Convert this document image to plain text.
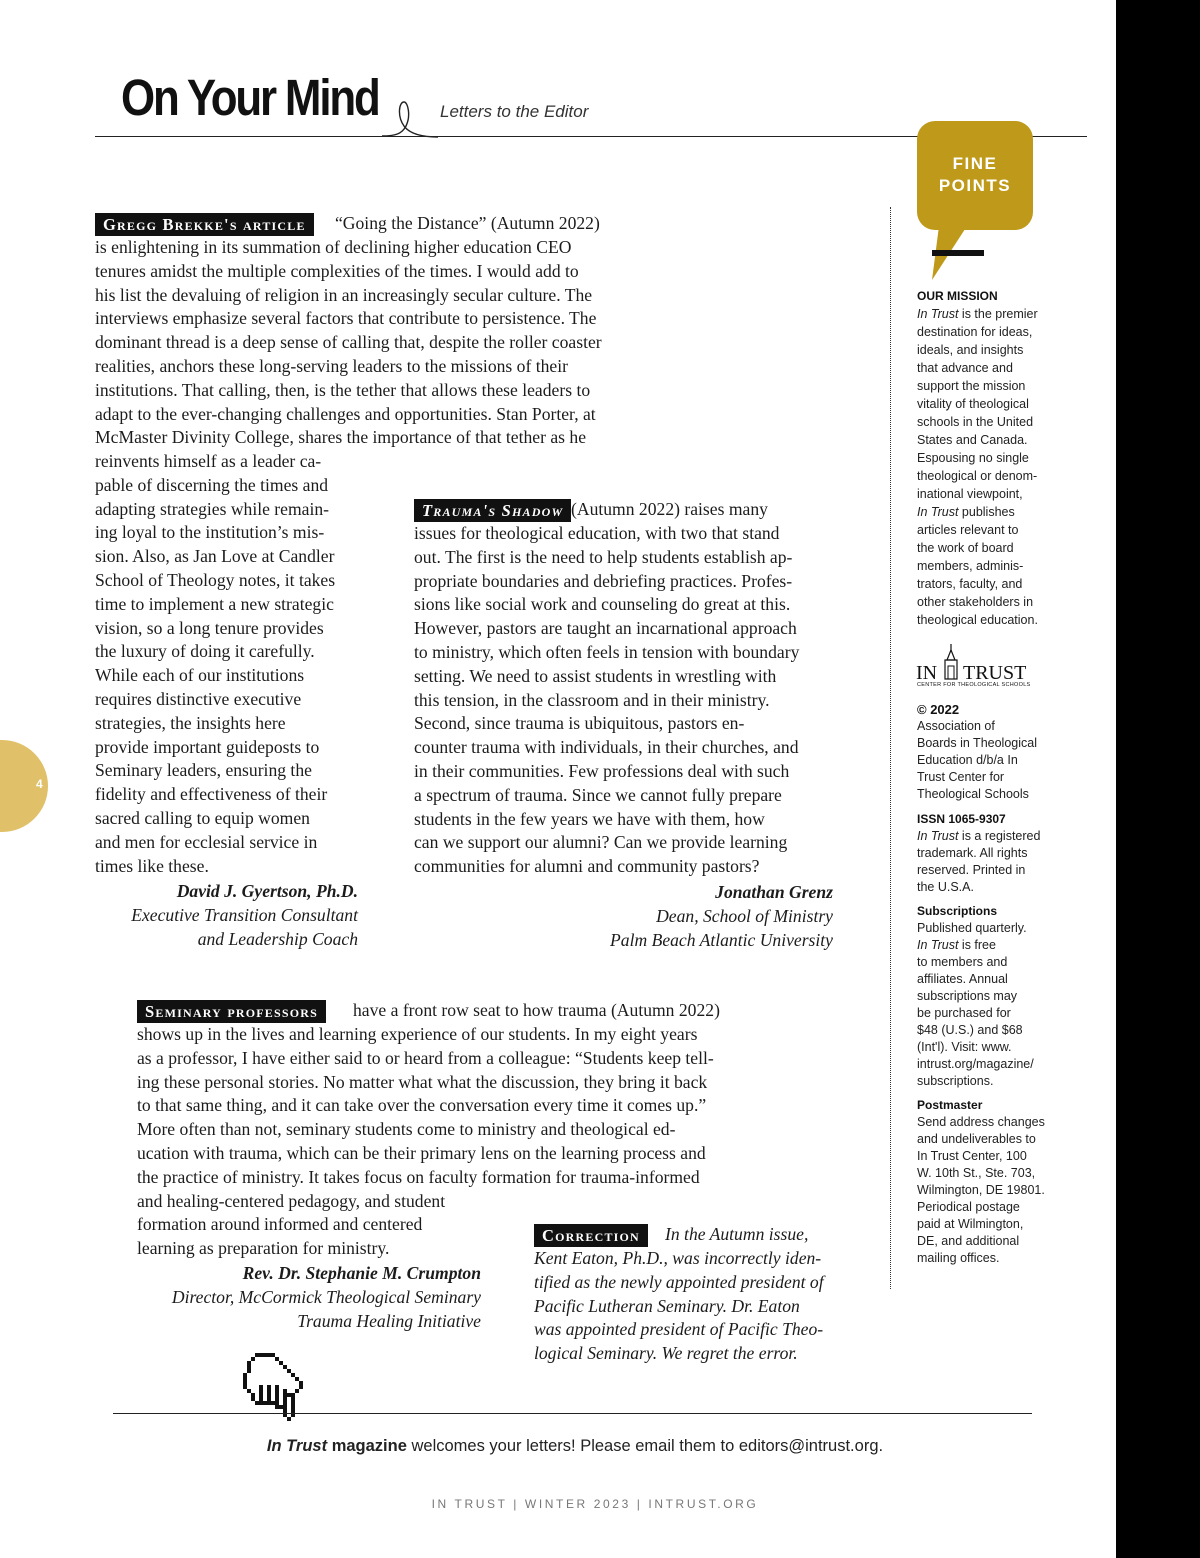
On Your Mind	Letters to the Editor
FINE
POINTS
OUR MISSION
In Trust is the premier
destination for ideas,
ideals, and insights
that advance and
support the mission
vitality of theological
schools in the United
States and Canada.
Espousing no single
theological or denom-
inational viewpoint,
In Trust publishes
articles relevant to
the work of board
members, adminis-
trators, faculty, and
other stakeholders in
theological education.
IN TRUST
CENTER FOR THEOLOGICAL SCHOOLS
© 2022
Association of
Boards in Theological
Education d/b/a In
Trust Center for
Theological Schools
ISSN 1065-9307
In Trust is a registered
trademark. All rights
reserved. Printed in
the U.S.A.
Subscriptions
Published quarterly.
In Trust is free
to members and
affiliates. Annual
subscriptions may
be purchased for
$48 (U.S.) and $68
(Int'l). Visit: www.
intrust.org/magazine/
subscriptions.
Postmaster
Send address changes
and undeliverables to
In Trust Center, 100
W. 10th St., Ste. 703,
Wilmington, DE 19801.
Periodical postage
paid at Wilmington,
DE, and additional
mailing offices.
4
Gregg Brekke's article	“Going the Distance” (Autumn 2022)
is enlightening in its summation of declining higher education CEO
tenures amidst the multiple complexities of the times. I would add to
his list the devaluing of religion in an increasingly secular culture. The
interviews emphasize several factors that contribute to persistence. The
dominant thread is a deep sense of calling that, despite the roller coaster
realities, anchors these long-serving leaders to the missions of their
institutions. That calling, then, is the tether that allows these leaders to
adapt to the ever-changing challenges and opportunities. Stan Porter, at
McMaster Divinity College, shares the importance of that tether as he
reinvents himself as a leader ca-
pable of discerning the times and
adapting strategies while remain-
ing loyal to the institution’s mis-
sion. Also, as Jan Love at Candler
School of Theology notes, it takes
time to implement a new strategic
vision, so a long tenure provides
the luxury of doing it carefully.
While each of our institutions
requires distinctive executive
strategies, the insights here
provide important guideposts to
Seminary leaders, ensuring the
fidelity and effectiveness of their
sacred calling to equip women
and men for ecclesial service in
times like these.
David J. Gyertson, Ph.D.
Executive Transition Consultant
and Leadership Coach
Trauma's Shadow (Autumn 2022) raises many
issues for theological education, with two that stand
out. The first is the need to help students establish ap-
propriate boundaries and debriefing practices. Profes-
sions like social work and counseling do great at this.
However, pastors are taught an incarnational approach
to ministry, which often feels in tension with boundary
setting. We need to assist students in wrestling with
this tension, in the classroom and in their ministry.
Second, since trauma is ubiquitous, pastors en-
counter trauma with individuals, in their churches, and
in their communities. Few professions deal with such
a spectrum of trauma. Since we cannot fully prepare
students in the few years we have with them, how
can we support our alumni? Can we provide learning
communities for alumni and community pastors?
Jonathan Grenz
Dean, School of Ministry
Palm Beach Atlantic University
Seminary professors	have a front row seat to how trauma (Autumn 2022)
shows up in the lives and learning experience of our students. In my eight years
as a professor, I have either said to or heard from a colleague: “Students keep tell-
ing these personal stories. No matter what what the discussion, they bring it back
to that same thing, and it can take over the conversation every time it comes up.”
More often than not, seminary students come to ministry and theological ed-
ucation with trauma, which can be their primary lens on the learning process and
the practice of ministry. It takes focus on faculty formation for trauma-informed
and healing-centered pedagogy, and student
formation around informed and centered
learning as preparation for ministry.
Rev. Dr. Stephanie M. Crumpton
Director, McCormick Theological Seminary
Trauma Healing Initiative
Correction	In the Autumn issue,
Kent Eaton, Ph.D., was incorrectly iden-
tified as the newly appointed president of
Pacific Lutheran Seminary. Dr. Eaton
was appointed president of Pacific Theo-
logical Seminary. We regret the error.
In Trust magazine welcomes your letters! Please email them to editors@intrust.org.
IN TRUST | WINTER 2023 | INTRUST.ORG
